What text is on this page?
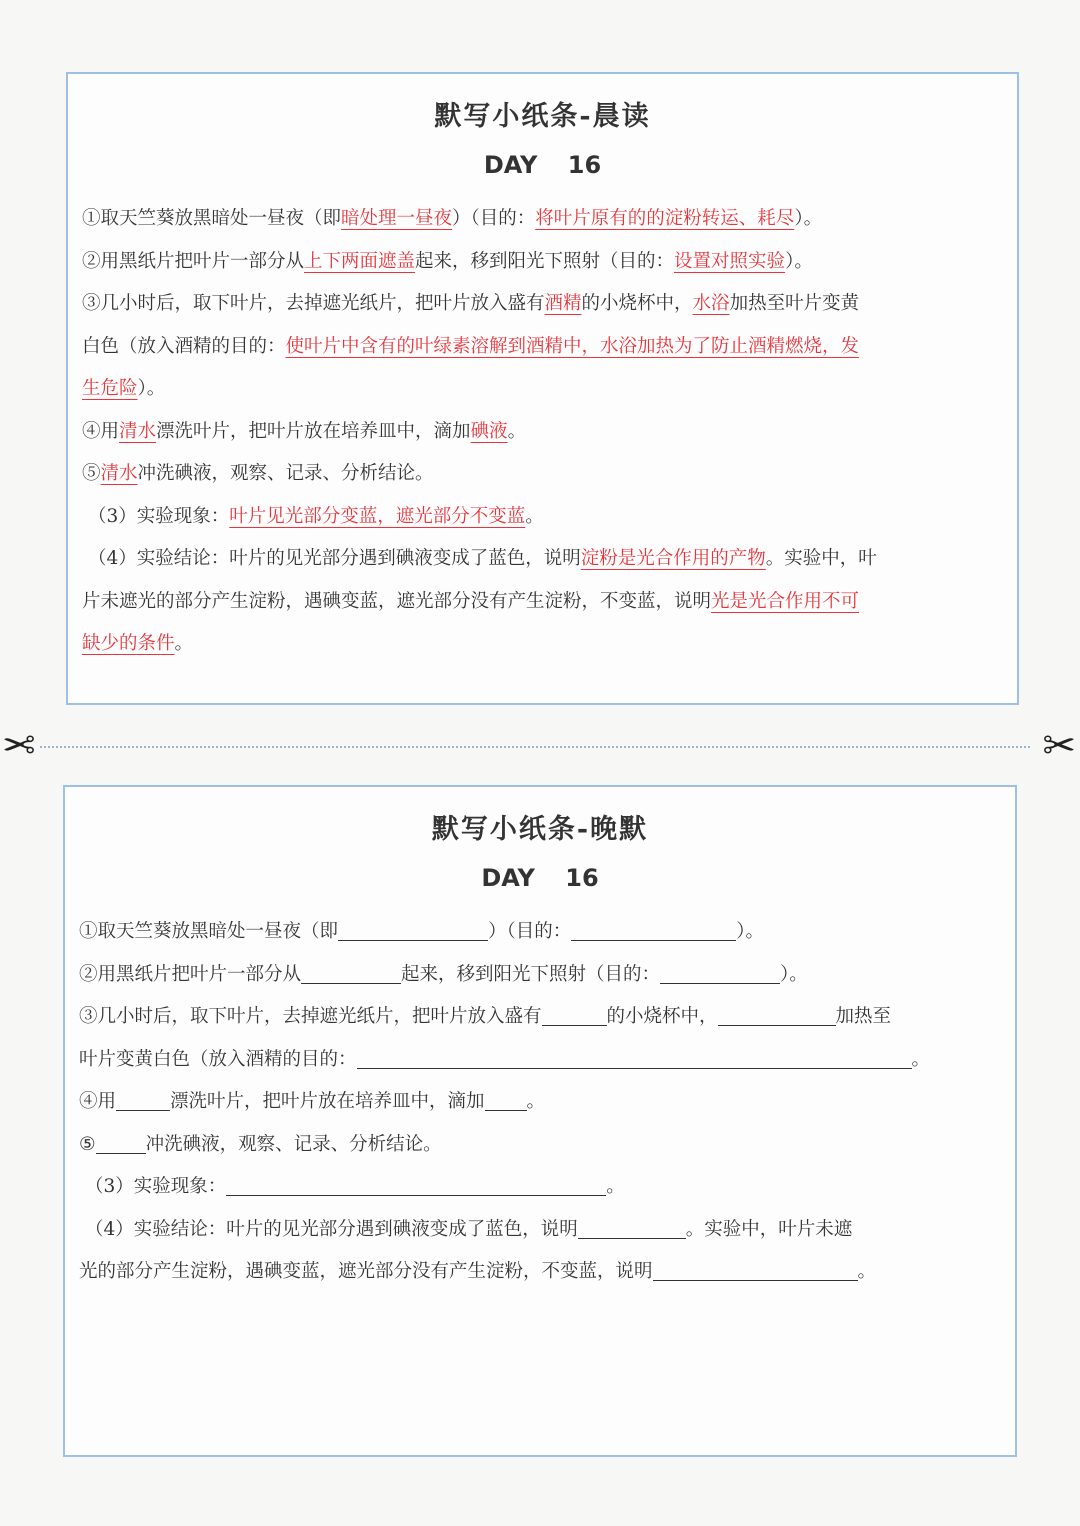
默写小纸条-晨读
DAY 16
①取天竺葵放黑暗处一昼夜（即暗处理一昼夜）（目的：将叶片原有的的淀粉转运、耗尽）。
②用黑纸片把叶片一部分从上下两面遮盖起来，移到阳光下照射（目的：设置对照实验）。
③几小时后，取下叶片，去掉遮光纸片，把叶片放入盛有酒精的小烧杯中，水浴加热至叶片变黄
白色（放入酒精的目的：使叶片中含有的叶绿素溶解到酒精中，水浴加热为了防止酒精燃烧，发
生危险）。
④用清水漂洗叶片，把叶片放在培养皿中，滴加碘液。
⑤清水冲洗碘液，观察、记录、分析结论。
（3）实验现象：叶片见光部分变蓝，遮光部分不变蓝。
（4）实验结论：叶片的见光部分遇到碘液变成了蓝色，说明淀粉是光合作用的产物。实验中，叶
片未遮光的部分产生淀粉，遇碘变蓝，遮光部分没有产生淀粉，不变蓝，说明光是光合作用不可
缺少的条件。
✂	✂
默写小纸条-晚默
DAY 16
①取天竺葵放黑暗处一昼夜（即	）（目的：	）。
②用黑纸片把叶片一部分从	起来，移到阳光下照射（目的：	）。
③几小时后，取下叶片，去掉遮光纸片，把叶片放入盛有	的小烧杯中，	加热至
叶片变黄白色（放入酒精的目的：	。
④用	漂洗叶片，把叶片放在培养皿中，滴加 。
⑤	冲洗碘液，观察、记录、分析结论。
（3）实验现象：	。
（4）实验结论：叶片的见光部分遇到碘液变成了蓝色，说明	。实验中，叶片未遮
光的部分产生淀粉，遇碘变蓝，遮光部分没有产生淀粉，不变蓝，说明	。
